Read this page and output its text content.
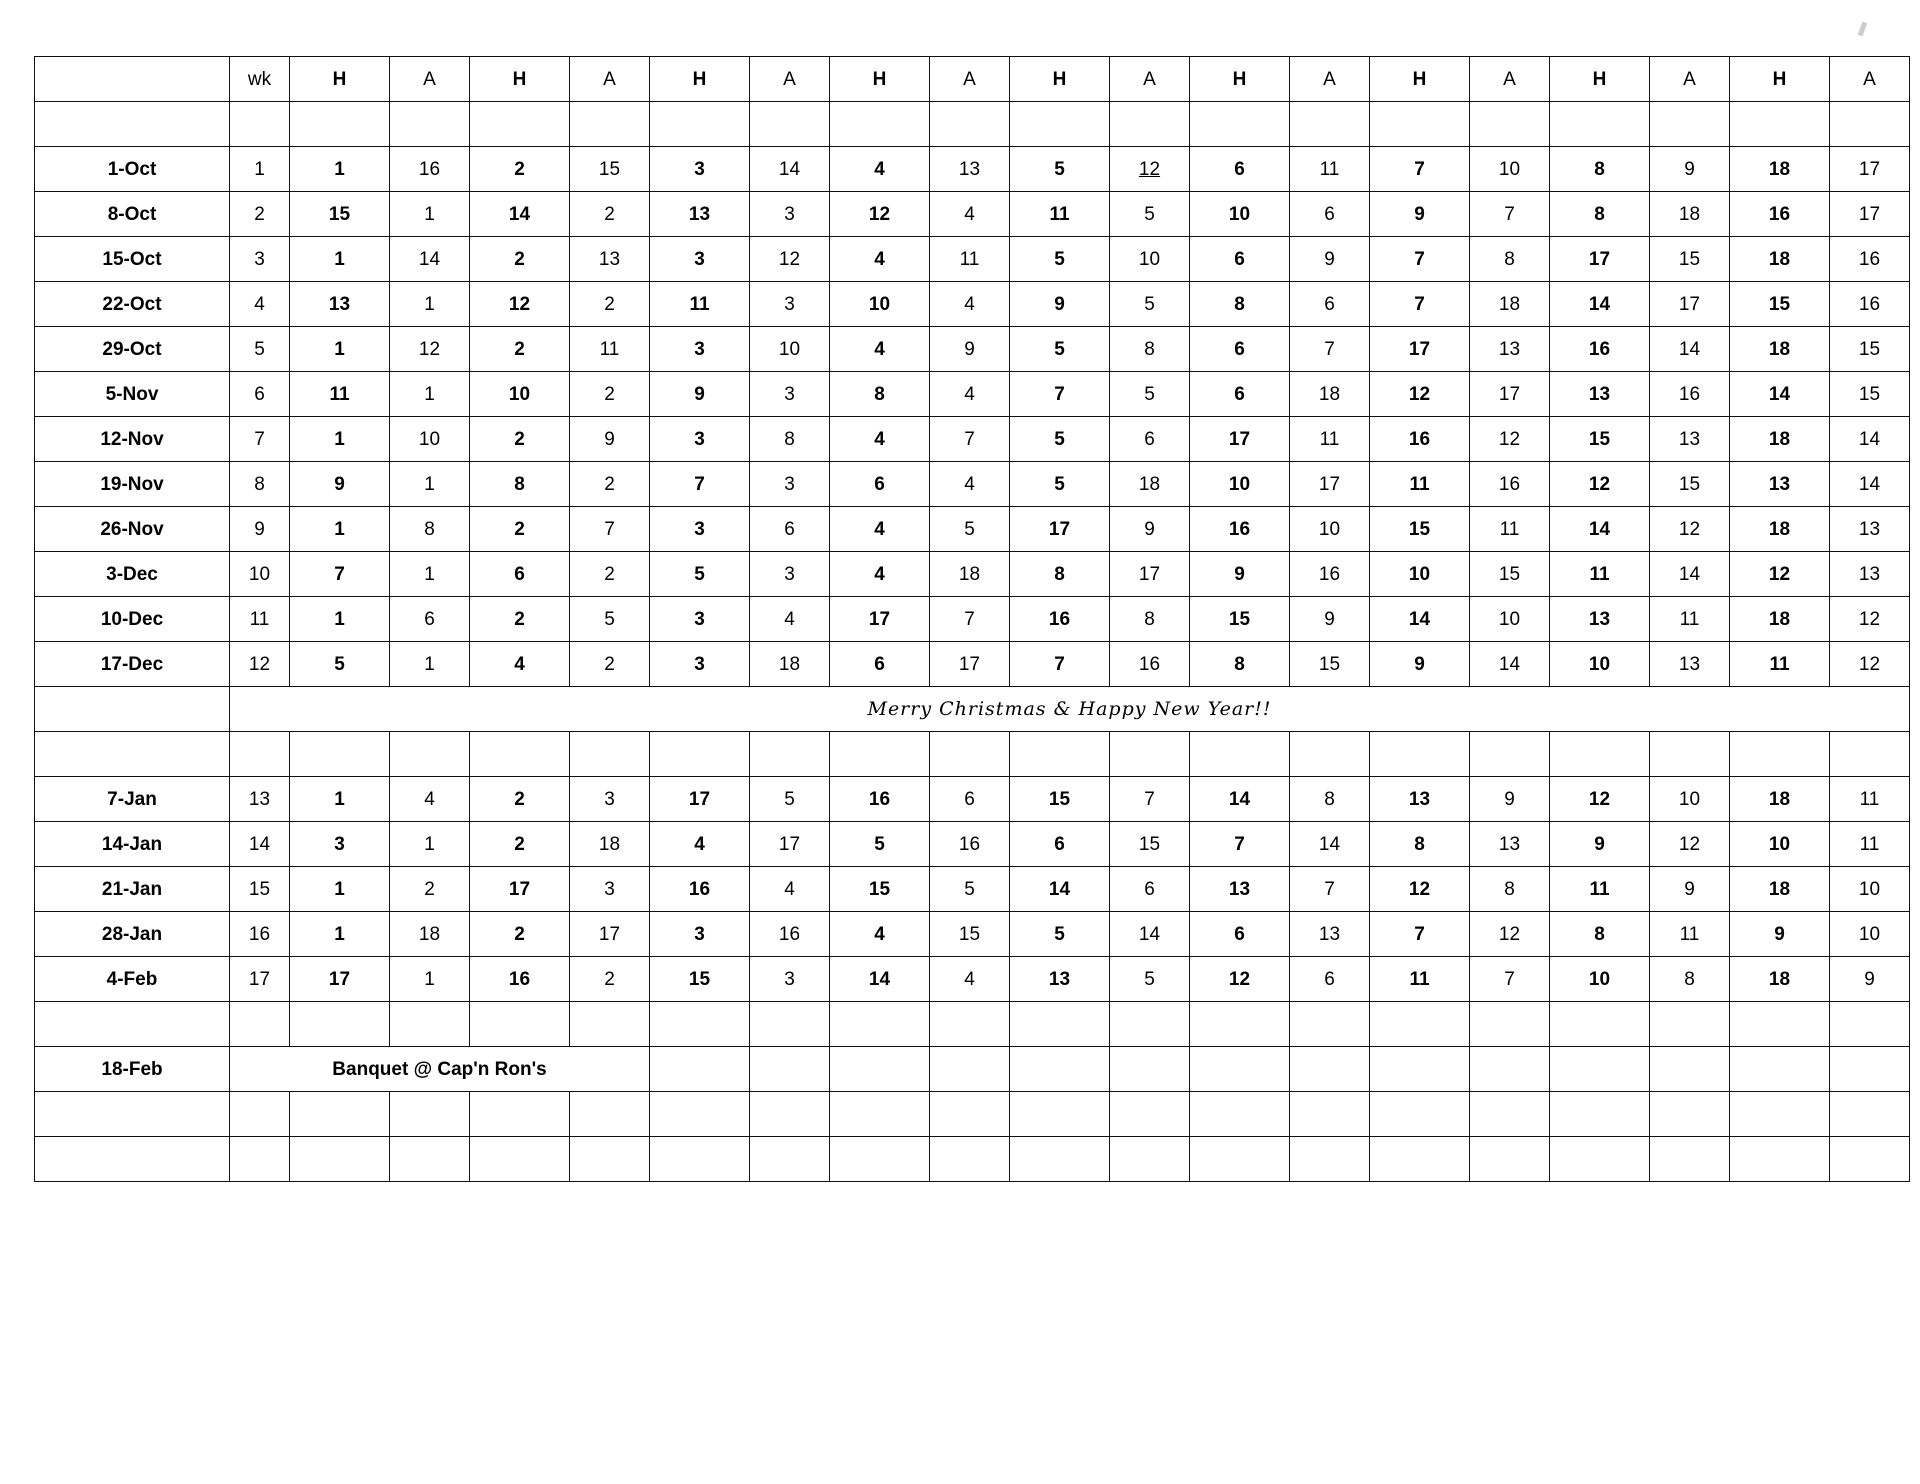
	wk	H	A	H	A	H	A	H	A	H	A	H	A	H	A	H	A	H	A

1-Oct	1	1	16	2	15	3	14	4	13	5	12	6	11	7	10	8	9	18	17
8-Oct	2	15	1	14	2	13	3	12	4	11	5	10	6	9	7	8	18	16	17
15-Oct	3	1	14	2	13	3	12	4	11	5	10	6	9	7	8	17	15	18	16
22-Oct	4	13	1	12	2	11	3	10	4	9	5	8	6	7	18	14	17	15	16
29-Oct	5	1	12	2	11	3	10	4	9	5	8	6	7	17	13	16	14	18	15
5-Nov	6	11	1	10	2	9	3	8	4	7	5	6	18	12	17	13	16	14	15
12-Nov	7	1	10	2	9	3	8	4	7	5	6	17	11	16	12	15	13	18	14
19-Nov	8	9	1	8	2	7	3	6	4	5	18	10	17	11	16	12	15	13	14
26-Nov	9	1	8	2	7	3	6	4	5	17	9	16	10	15	11	14	12	18	13
3-Dec	10	7	1	6	2	5	3	4	18	8	17	9	16	10	15	11	14	12	13
10-Dec	11	1	6	2	5	3	4	17	7	16	8	15	9	14	10	13	11	18	12
17-Dec	12	5	1	4	2	3	18	6	17	7	16	8	15	9	14	10	13	11	12
	Merry Christmas & Happy New Year!!																		

7-Jan	13	1	4	2	3	17	5	16	6	15	7	14	8	13	9	12	10	18	11
14-Jan	14	3	1	2	18	4	17	5	16	6	15	7	14	8	13	9	12	10	11
21-Jan	15	1	2	17	3	16	4	15	5	14	6	13	7	12	8	11	9	18	10
28-Jan	16	1	18	2	17	3	16	4	15	5	14	6	13	7	12	8	11	9	10
4-Feb	17	17	1	16	2	15	3	14	4	13	5	12	6	11	7	10	8	18	9

18-Feb	Banquet @ Cap'n Ron's																		
